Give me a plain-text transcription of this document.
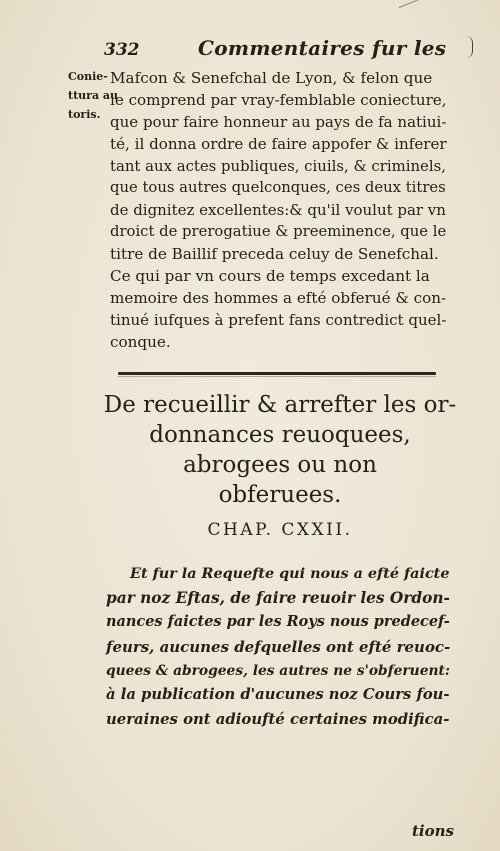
332	Commentaires fur les
Conie-
ttura au
toris.
Mafcon & Senefchal de Lyon, & felon que
ie comprend par vray-femblable coniecture,
que pour faire honneur au pays de fa natiui-
té, il donna ordre de faire appofer & inferer
tant aux actes publiques, ciuils, & criminels,
que tous autres quelconques, ces deux titres
de dignitez excellentes:& qu'il voulut par vn
droict de prerogatiue & preeminence, que le
titre de Baillif preceda celuy de Senefchal.
Ce qui par vn cours de temps excedant la
memoire des hommes a efté obferué & con-
tinué iufques à prefent fans contredict quel-
conque.
De recueillir & arrefter les or-
donnances reuoquees,
abrogees ou non
obferuees.
CHAP. CXXII.
Et fur la Requefte qui nous a efté faicte
par noz Eftas, de faire reuoir les Ordon-
nances faictes par les Roys nous predecef-
feurs, aucunes defquelles ont efté reuoc-
quees & abrogees, les autres ne s'obferuent:
à la publication d'aucunes noz Cours fou-
ueraines ont adioufté certaines modifica-
tions
